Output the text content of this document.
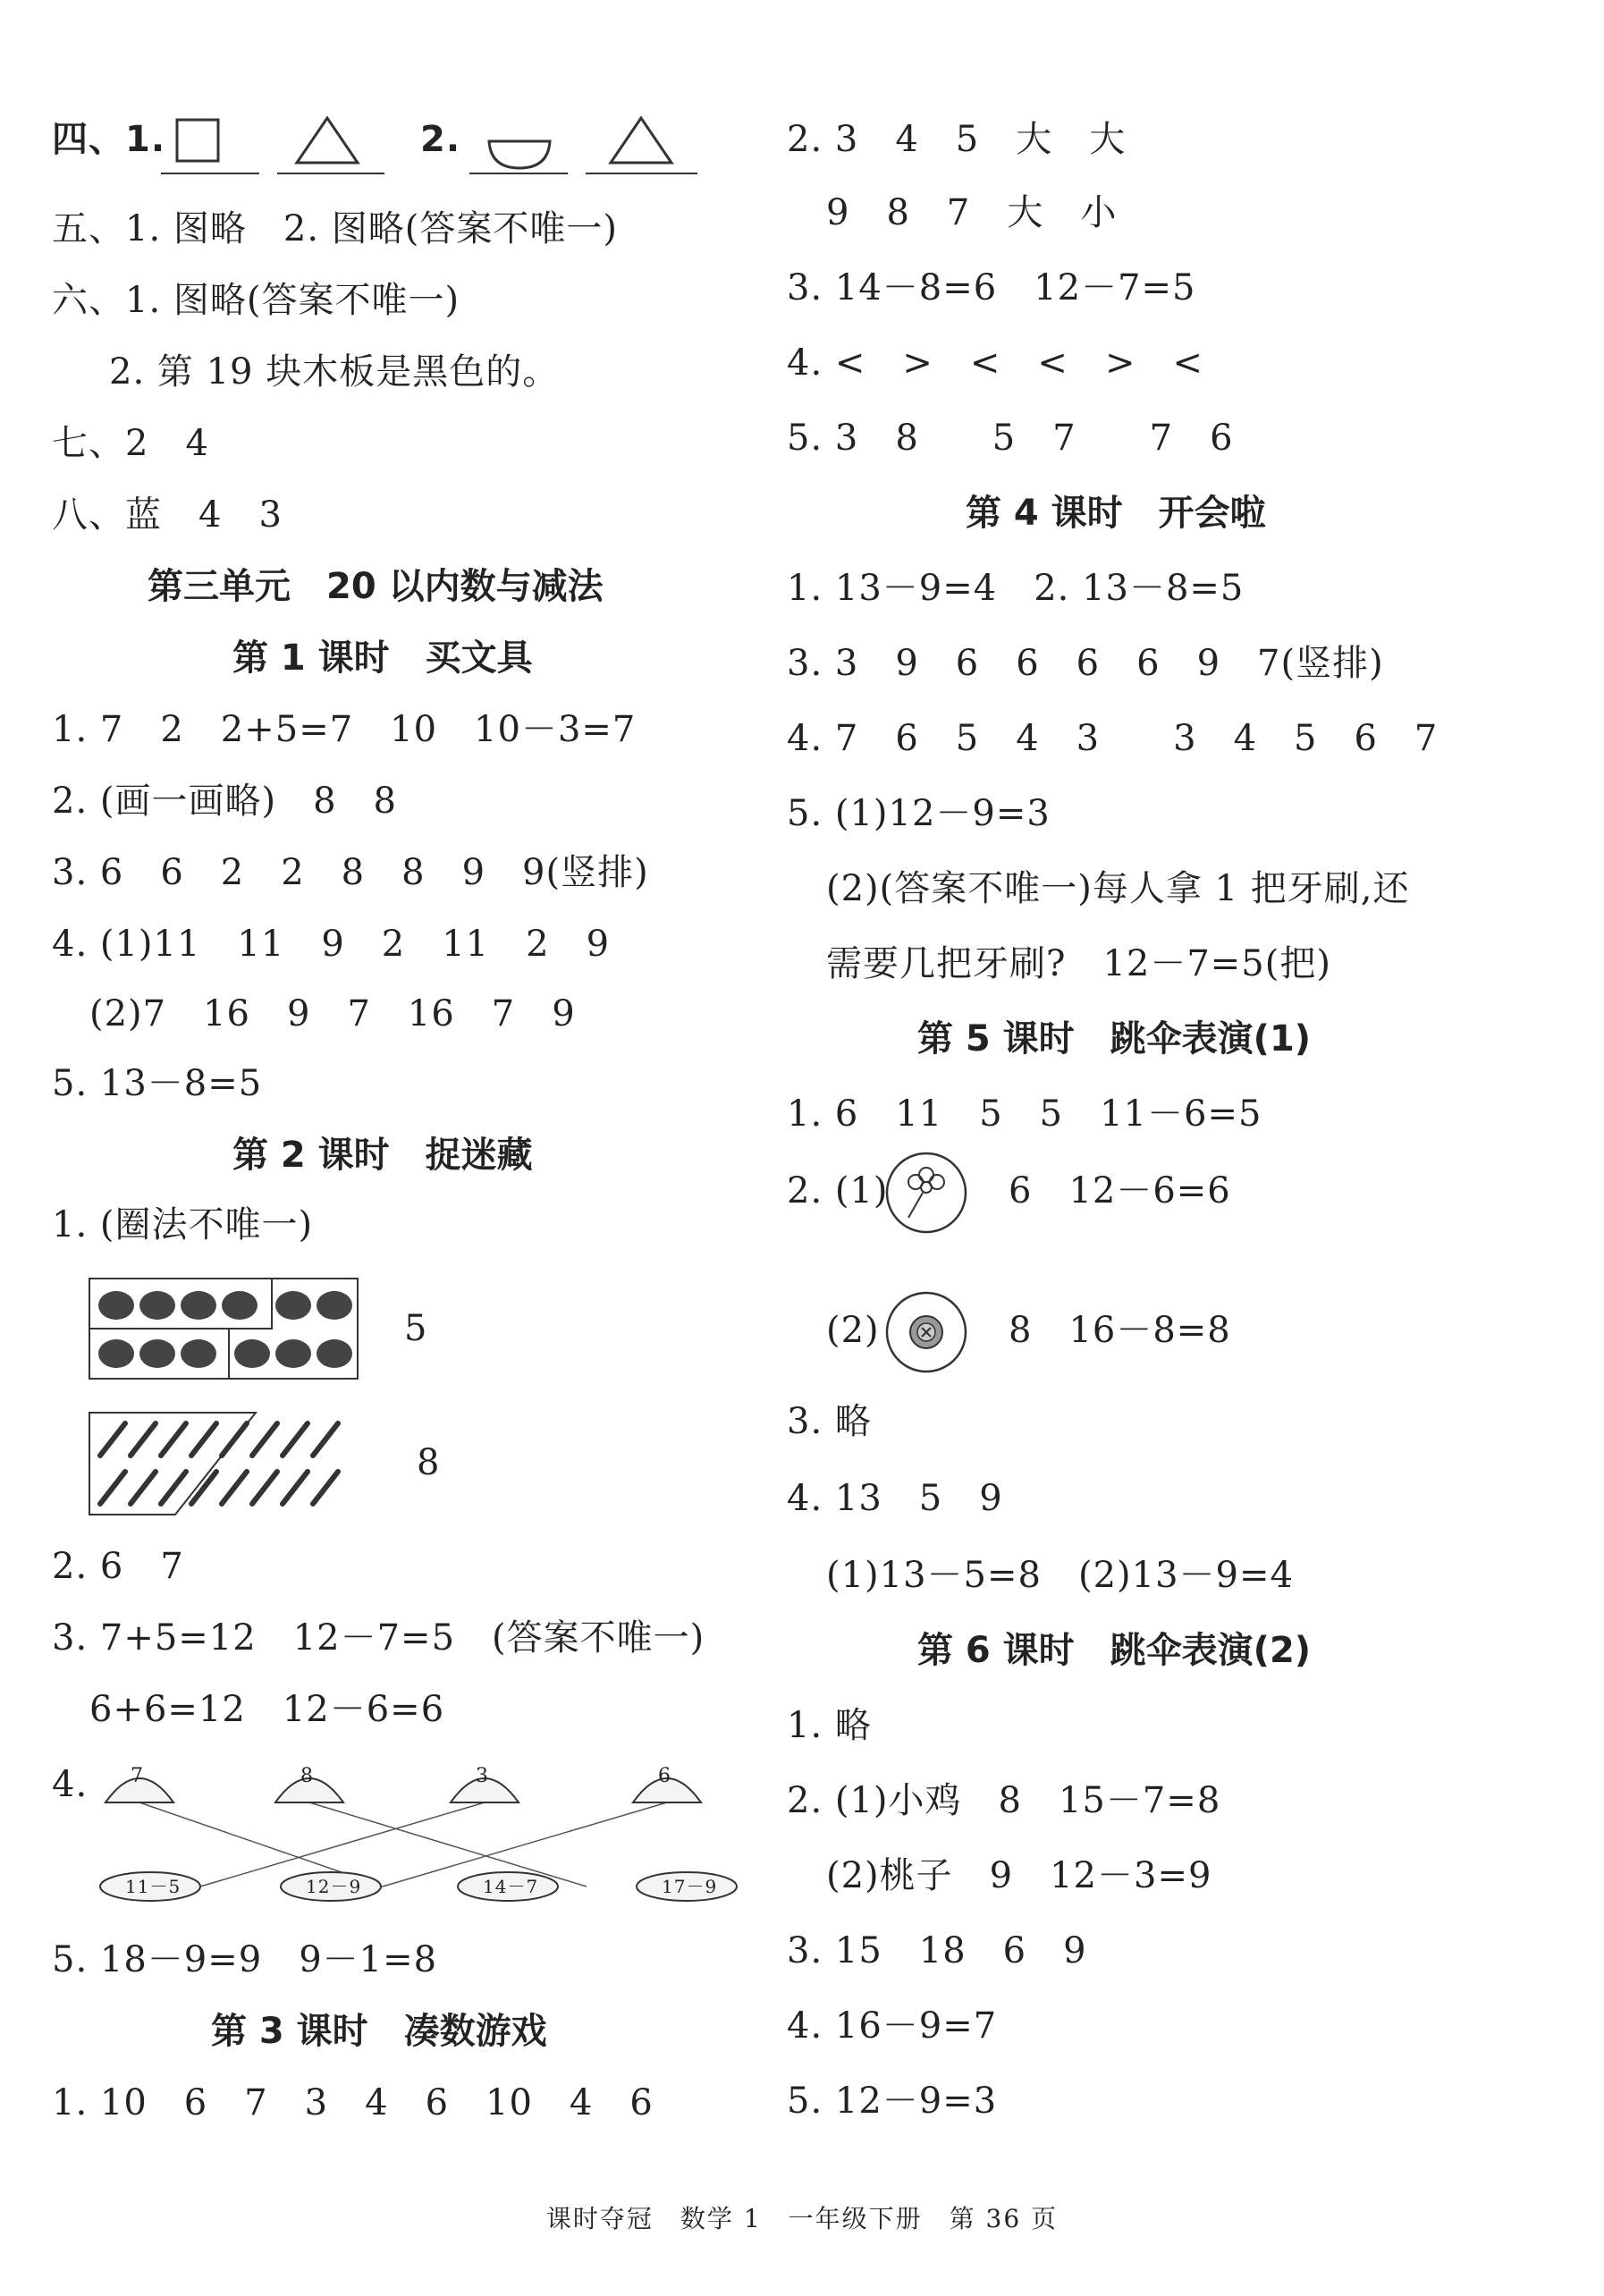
四、1.	2.
五、1. 图略　2. 图略(答案不唯一)
六、1. 图略(答案不唯一)
2. 第 19 块木板是黑色的。
七、2　4
八、蓝　4　3
第三单元　20 以内数与减法
第 1 课时　买文具
1. 7　2　2+5=7　10　10－3=7
2. (画一画略)　8　8
3. 6　6　2　2　8　8　9　9(竖排)
4. (1)11　11　9　2　11　2　9
(2)7　16　9　7　16　7　9
5. 13－8=5
第 2 课时　捉迷藏
1. (圈法不唯一)
5
8
2. 6　7
3. 7+5=12　12－7=5　(答案不唯一)
6+6=12　12－6=6
4. 7	8	3	6
11－5	12－9	14－7	17－9
5. 18－9=9　9－1=8
第 3 课时　凑数游戏
1. 10　6　7　3　4　6　10　4　6
2. 3　4　5　大　大
9　8　7　大　小
3. 14－8=6　12－7=5
4. <　>　<　<　>　<
5. 3　8　　5　7　　7　6
第 4 课时　开会啦
1. 13－9=4　2. 13－8=5
3. 3　9　6　6　6　6　9　7(竖排)
4. 7　6　5　4　3　　3　4　5　6　7
5. (1)12－9=3
(2)(答案不唯一)每人拿 1 把牙刷,还
需要几把牙刷?　12－7=5(把)
第 5 课时　跳伞表演(1)
1. 6　11　5　5　11－6=5
2. (1)	6　12－6=6
(2)	8　16－8=8
3. 略
4. 13　5　9
(1)13－5=8　(2)13－9=4
第 6 课时　跳伞表演(2)
1. 略
2. (1)小鸡　8　15－7=8
(2)桃子　9　12－3=9
3. 15　18　6　9
4. 16－9=7
5. 12－9=3
课时夺冠　数学 1　一年级下册　第 36 页
